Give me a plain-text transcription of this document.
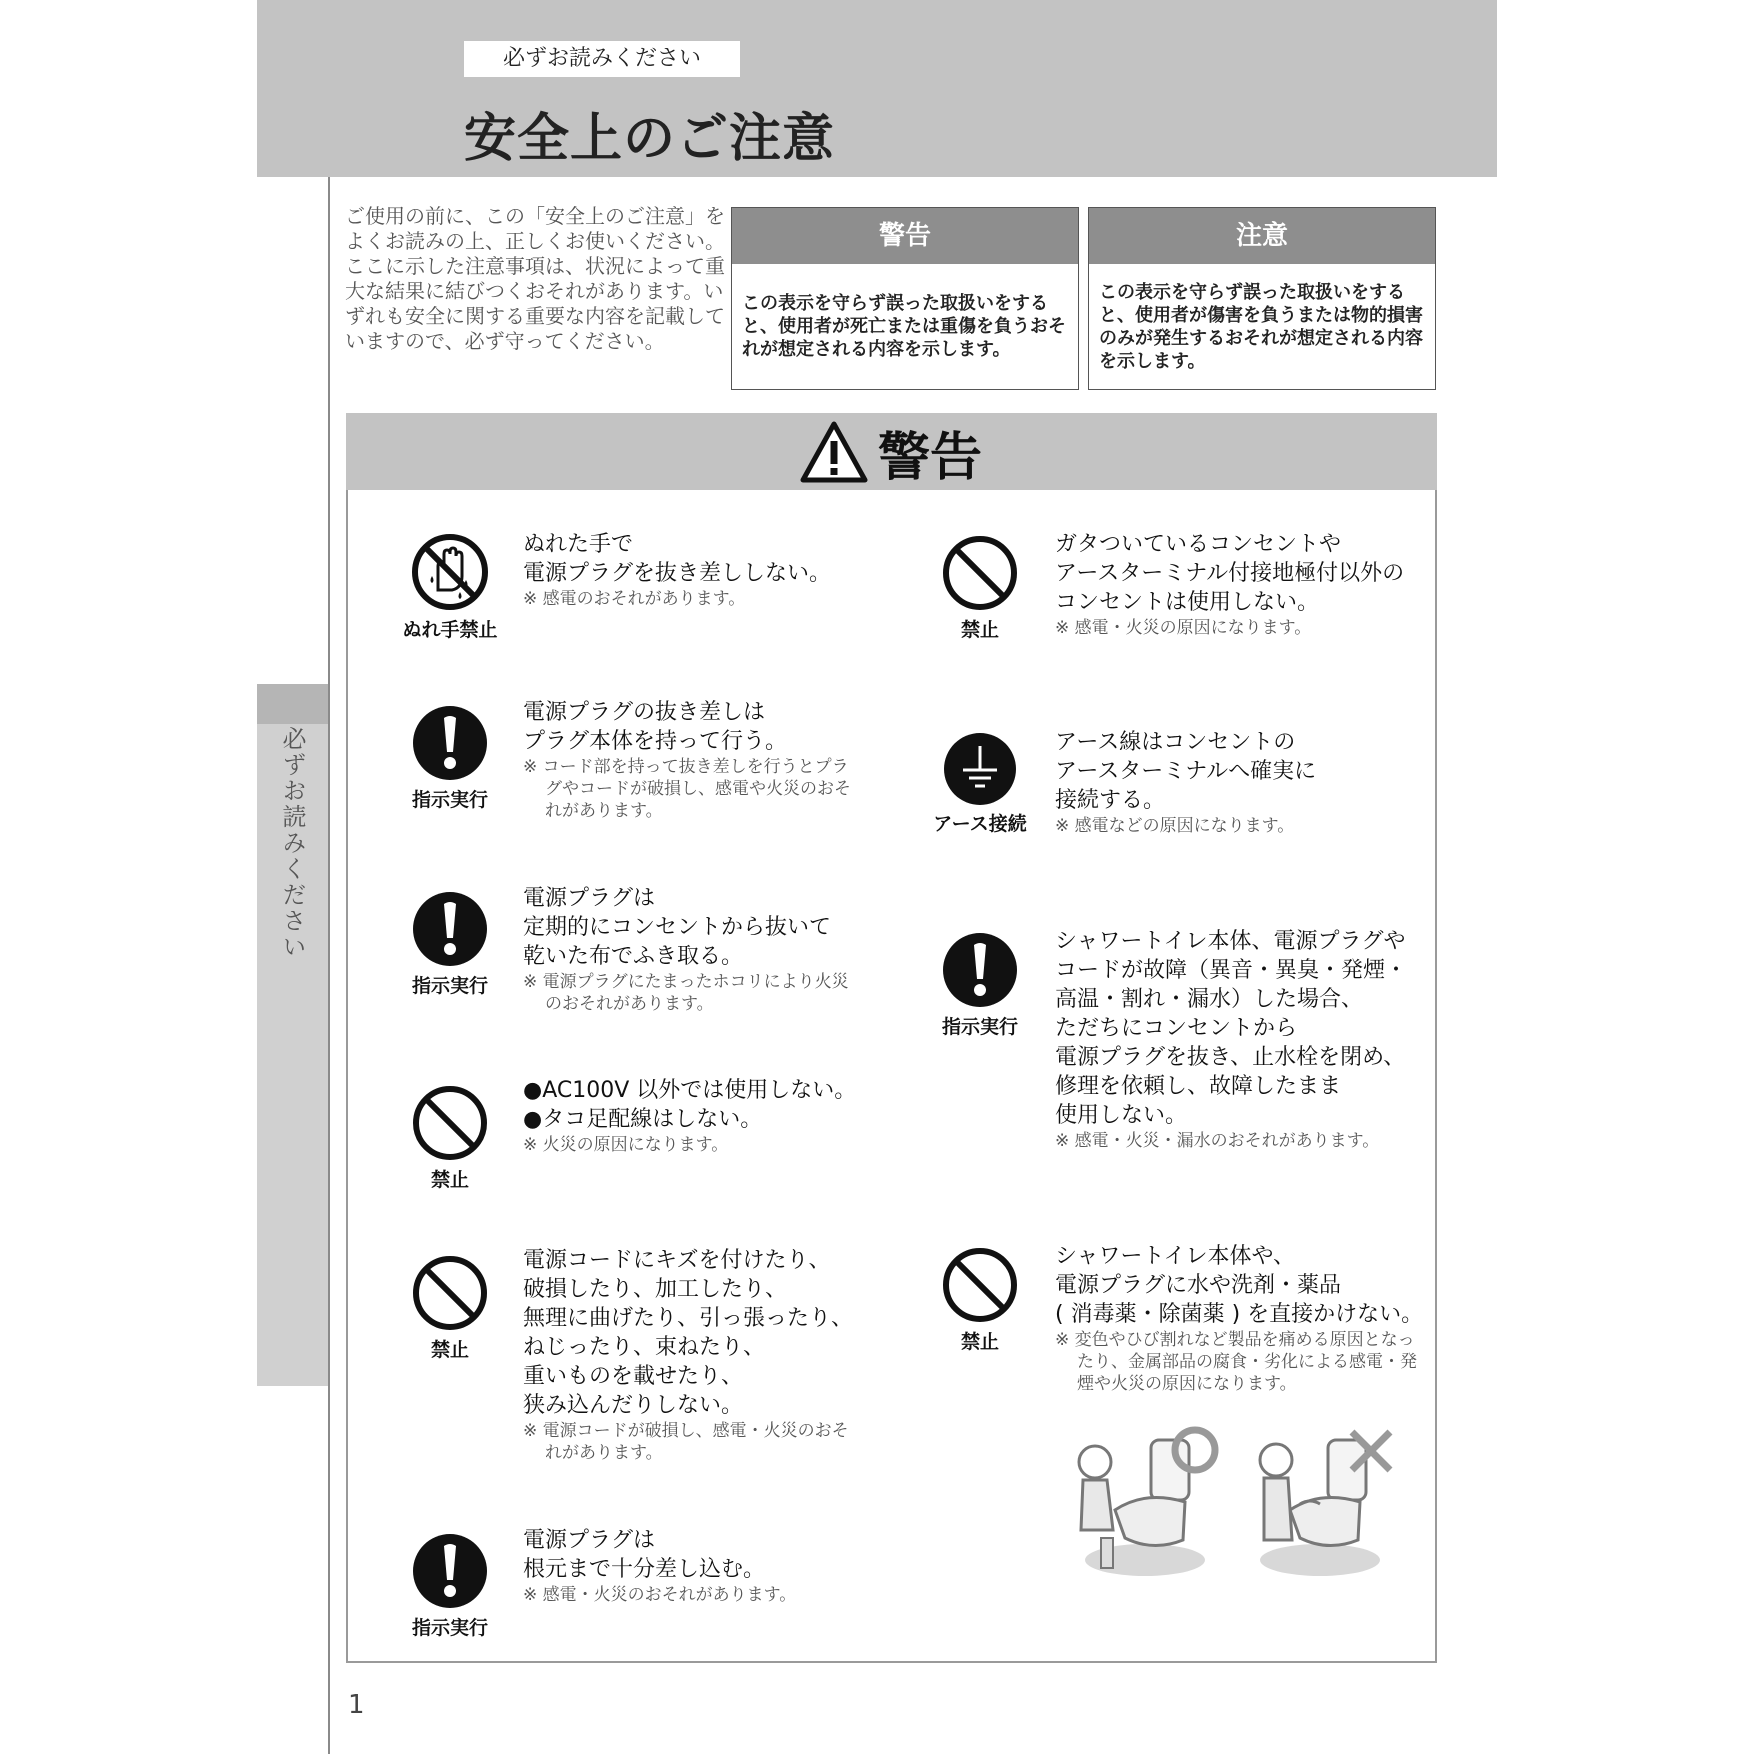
必ずお読みください
安全上のご注意
必ずお読みください
ご使用の前に、この「安全上のご注意」をよくお読みの上、正しくお使いください。ここに示した注意事項は、状況によって重大な結果に結びつくおそれがあります。いずれも安全に関する重要な内容を記載していますので、必ず守ってください。
警告
この表示を守らず誤った取扱いをすると、使用者が死亡または重傷を負うおそれが想定される内容を示します。
注意
この表示を守らず誤った取扱いをすると、使用者が傷害を負うまたは物的損害のみが発生するおそれが想定される内容を示します。
警告
ぬれ手禁止
ぬれた手で
電源プラグを抜き差ししない。
※ 感電のおそれがあります。
指示実行
電源プラグの抜き差しは
プラグ本体を持って行う。
※ コード部を持って抜き差しを行うとプラグやコードが破損し、感電や火災のおそれがあります。
指示実行
電源プラグは
定期的にコンセントから抜いて
乾いた布でふき取る。
※ 電源プラグにたまったホコリにより火災のおそれがあります。
禁止
●AC100V 以外では使用しない。
●タコ足配線はしない。
※ 火災の原因になります。
禁止
電源コードにキズを付けたり、
破損したり、加工したり、
無理に曲げたり、引っ張ったり、
ねじったり、束ねたり、
重いものを載せたり、
狭み込んだりしない。
※ 電源コードが破損し、感電・火災のおそれがあります。
指示実行
電源プラグは
根元まで十分差し込む。
※ 感電・火災のおそれがあります。
禁止
ガタついているコンセントや
アースターミナル付接地極付以外の
コンセントは使用しない。
※ 感電・火災の原因になります。
アース接続
アース線はコンセントの
アースターミナルへ確実に
接続する。
※ 感電などの原因になります。
指示実行
シャワートイレ本体、電源プラグや
コードが故障（異音・異臭・発煙・
高温・割れ・漏水）した場合、
ただちにコンセントから
電源プラグを抜き、止水栓を閉め、
修理を依頼し、故障したまま
使用しない。
※ 感電・火災・漏水のおそれがあります。
禁止
シャワートイレ本体や、
電源プラグに水や洗剤・薬品
( 消毒薬・除菌薬 ) を直接かけない。
※ 変色やひび割れなど製品を痛める原因となったり、金属部品の腐食・劣化による感電・発煙や火災の原因になります。
1
